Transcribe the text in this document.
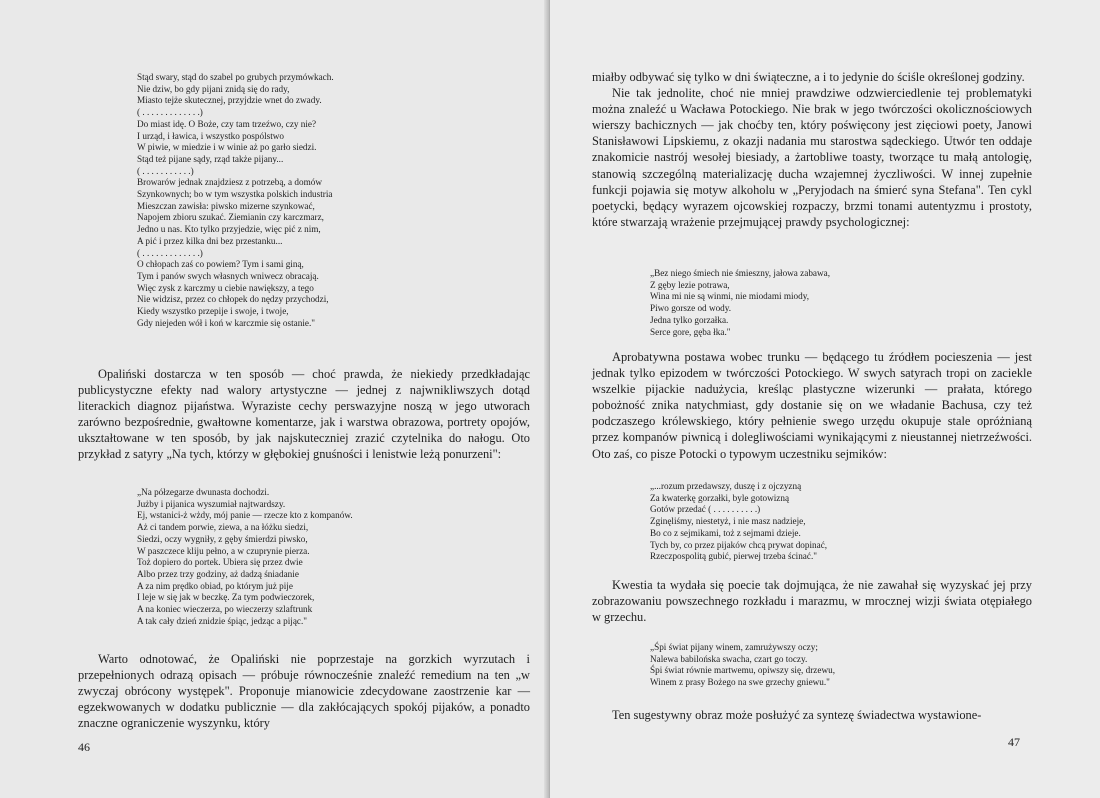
Stąd swary, stąd do szabel po grubych przymówkach.
Nie dziw, bo gdy pijani znidą się do rady,
Miasto tejże skutecznej, przyjdzie wnet do zwady.
( . . . . . . . . . . . . .)
Do miast idę. O Boże, czy tam trzeźwo, czy nie?
I urząd, i ławica, i wszystko pospólstwo
W piwie, w miedzie i w winie aż po garło siedzi.
Stąd też pijane sądy, rząd także pijany...
( . . . . . . . . . . .)
Browarów jednak znajdziesz z potrzebą, a domów
Szynkownych; bo w tym wszystka polskich industria
Mieszczan zawisła: piwsko mizerne szynkować,
Napojem zbioru szukać. Ziemianin czy karczmarz,
Jedno u nas. Kto tylko przyjedzie, więc pić z nim,
A pić i przez kilka dni bez przestanku...
( . . . . . . . . . . . . .)
O chłopach zaś co powiem? Tym i sami giną,
Tym i panów swych własnych wniwecz obracają.
Więc zysk z karczmy u ciebie nawiększy, a tego
Nie widzisz, przez co chłopek do nędzy przychodzi,
Kiedy wszystko przepije i swoje, i twoje,
Gdy niejeden wół i koń w karczmie się ostanie."

Opaliński dostarcza w ten sposób — choć prawda, że niekiedy przedkładając publicystyczne efekty nad walory artystyczne — jednej z najwnikliwszych dotąd literackich diagnoz pijaństwa. Wyraziste cechy perswazyjne noszą w jego utworach zarówno bezpośrednie, gwałtowne komentarze, jak i warstwa obrazowa, portrety opojów, ukształtowane w ten sposób, by jak najskuteczniej zrazić czytelnika do nałogu. Oto przykład z satyry „Na tych, którzy w głębokiej gnuśności i lenistwie leżą ponurzeni":

„Na półzegarze dwunasta dochodzi.
Jużby i pijanica wyszumiał najtwardszy.
Ej, wstanici-ż wżdy, mój panie — rzecze kto z kompanów.
Aż ci tandem porwie, ziewa, a na łóżku siedzi,
Siedzi, oczy wygniły, z gęby śmierdzi piwsko,
W paszczece kliju pełno, a w czuprynie pierza.
Toż dopiero do portek. Ubiera się przez dwie
Albo przez trzy godziny, aż dadzą śniadanie
A za nim prędko obiad, po którym już pije
I leje w się jak w beczkę. Za tym podwieczorek,
A na koniec wieczerza, po wieczerzy szlaftrunk
A tak cały dzień znidzie śpiąc, jedząc a pijąc."

Warto odnotować, że Opaliński nie poprzestaje na gorzkich wyrzutach i przepełnionych odrazą opisach — próbuje równocześnie znaleźć remedium na ten „w zwyczaj obrócony występek". Proponuje mianowicie zdecydowane zaostrzenie kar — egzekwowanych w dodatku publicznie — dla zakłócających spokój pijaków, a ponadto znaczne ograniczenie wyszynku, który

46

miałby odbywać się tylko w dni świąteczne, a i to jedynie do ściśle określonej godziny.

Nie tak jednolite, choć nie mniej prawdziwe odzwierciedlenie tej problematyki można znaleźć u Wacława Potockiego. Nie brak w jego twórczości okolicznościowych wierszy bachicznych — jak choćby ten, który poświęcony jest zięciowi poety, Janowi Stanisławowi Lipskiemu, z okazji nadania mu starostwa sądeckiego. Utwór ten oddaje znakomicie nastrój wesołej biesiady, a żartobliwe toasty, tworzące tu małą antologię, stanowią szczególną materializację ducha wzajemnej życzliwości. W innej zupełnie funkcji pojawia się motyw alkoholu w „Peryjodach na śmierć syna Stefana". Ten cykl poetycki, będący wyrazem ojcowskiej rozpaczy, brzmi tonami autentyzmu i prostoty, które stwarzają wrażenie przejmującej prawdy psychologicznej:

„Bez niego śmiech nie śmieszny, jałowa zabawa,
Z gęby lezie potrawa,
Wina mi nie są winmi, nie miodami miody,
Piwo gorsze od wody.
Jedna tylko gorzałka.
Serce gore, gęba łka."

Aprobatywna postawa wobec trunku — będącego tu źródłem pocieszenia — jest jednak tylko epizodem w twórczości Potockiego. W swych satyrach tropi on zaciekle wszelkie pijackie nadużycia, kreśląc plastyczne wizerunki — prałata, którego pobożność znika natychmiast, gdy dostanie się on we władanie Bachusa, czy też podczaszego królewskiego, który pełnienie swego urzędu okupuje stale opróżnianą przez kompanów piwnicą i dolegliwościami wynikającymi z nieustannej nietrzeźwości. Oto zaś, co pisze Potocki o typowym uczestniku sejmików:

„...rozum przedawszy, duszę i z ojczyzną
Za kwaterkę gorzałki, byle gotowizną
Gotów przedać ( . . . . . . . . . .)
Zginęliśmy, niestetyż, i nie masz nadzieje,
Bo co z sejmikami, toż z sejmami dzieje.
Tych by, co przez pijaków chcą prywat dopinać,
Rzeczpospolitą gubić, pierwej trzeba ścinać."

Kwestia ta wydała się poecie tak dojmująca, że nie zawahał się wyzyskać jej przy zobrazowaniu powszechnego rozkładu i marazmu, w mrocznej wizji świata otępiałego w grzechu.

„Śpi świat pijany winem, zamrużywszy oczy;
Nalewa babilońska swacha, czart go toczy.
Śpi świat równie martwemu, opiwszy się, drzewu,
Winem z prasy Bożego na swe grzechy gniewu."

Ten sugestywny obraz może posłużyć za syntezę świadectwa wystawione-

47
